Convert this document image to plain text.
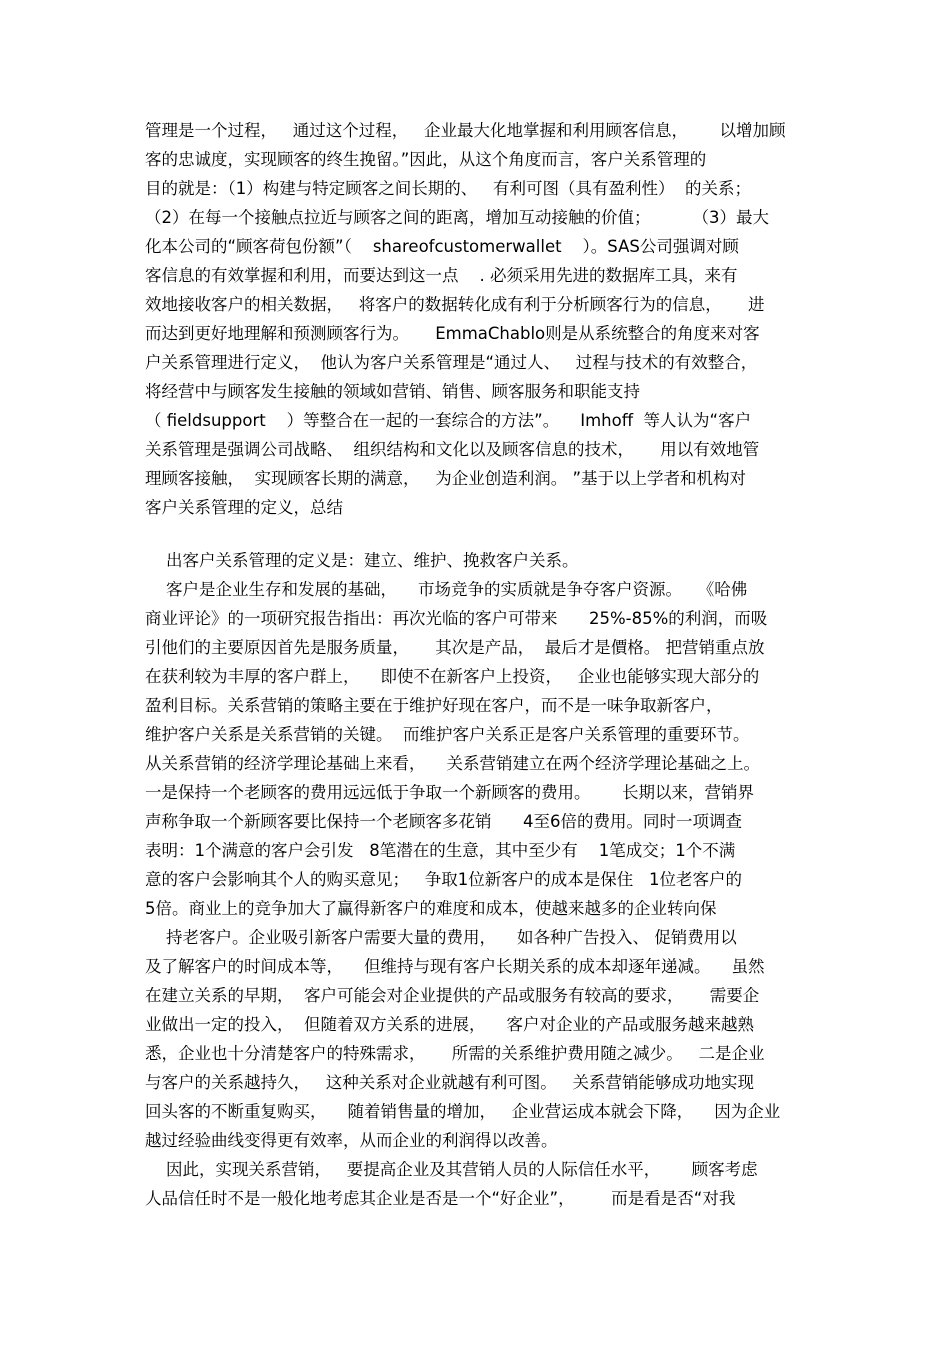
管理是一个过程，   通过这个过程，   企业最大化地掌握和利用顾客信息，      以增加顾
客的忠诚度，实现顾客的终生挽留。”因此，从这个角度而言，客户关系管理的
目的就是：（1）构建与特定顾客之间长期的、   有利可图（具有盈利性）  的关系；
（2）在每一个接触点拉近与顾客之间的距离，增加互动接触的价值；        （3）最大
化本公司的“顾客荷包份额”（    shareofcustomerwallet    ）。SAS公司强调对顾
客信息的有效掌握和利用，而要达到这一点    . 必须采用先进的数据库工具，来有
效地接收客户的相关数据，   将客户的数据转化成有利于分析顾客行为的信息，     进
而达到更好地理解和预测顾客行为。     EmmaChablo则是从系统整合的角度来对客
户关系管理进行定义，  他认为客户关系管理是“通过人、   过程与技术的有效整合，
将经营中与顾客发生接触的领域如营销、销售、顾客服务和职能支持
（ fieldsupport    ）等整合在一起的一套综合的方法”。    Imhoff  等人认为“客户
关系管理是强调公司战略、  组织结构和文化以及顾客信息的技术，     用以有效地管
理顾客接触，  实现顾客长期的满意，   为企业创造利润。 ”基于以上学者和机构对
客户关系管理的定义，总结
出客户关系管理的定义是：建立、维护、挽救客户关系。
客户是企业生存和发展的基础，    市场竞争的实质就是争夺客户资源。   《哈佛
商业评论》的一项研究报告指出：再次光临的客户可带来      25%-85%的利润，而吸
引他们的主要原因首先是服务质量，     其次是产品，  最后才是價格。 把营销重点放
在获利较为丰厚的客户群上，    即使不在新客户上投资，   企业也能够实现大部分的
盈利目标。关系营销的策略主要在于维护好现在客户，而不是一味争取新客户，
维护客户关系是关系营销的关键。  而维护客户关系正是客户关系管理的重要环节。
从关系营销的经济学理论基础上来看，    关系营销建立在两个经济学理论基础之上。
一是保持一个老顾客的费用远远低于争取一个新顾客的费用。      长期以来，营销界
声称争取一个新顾客要比保持一个老顾客多花销      4至6倍的费用。同时一项调查
表明：1个满意的客户会引发   8笔潜在的生意，其中至少有    1笔成交；1个不满
意的客户会影响其个人的购买意见；   争取1位新客户的成本是保住   1位老客户的
5倍。商业上的竞争加大了赢得新客户的难度和成本，使越来越多的企业转向保
持老客户。企业吸引新客户需要大量的费用，    如各种广告投入、 促销费用以
及了解客户的时间成本等，    但维持与现有客户长期关系的成本却逐年递减。    虽然
在建立关系的早期，  客户可能会对企业提供的产品或服务有较高的要求，     需要企
业做出一定的投入，  但随着双方关系的进展，    客户对企业的产品或服务越来越熟
悉，企业也十分清楚客户的特殊需求，     所需的关系维护费用随之减少。   二是企业
与客户的关系越持久，   这种关系对企业就越有利可图。   关系营销能够成功地实现
回头客的不断重复购买，    随着销售量的增加，   企业营运成本就会下降，    因为企业
越过经验曲线变得更有效率，从而企业的利润得以改善。
因此，实现关系营销，   要提高企业及其营销人员的人际信任水平，      顾客考虑
人品信任时不是一般化地考虑其企业是否是一个“好企业”，       而是看是否“对我
